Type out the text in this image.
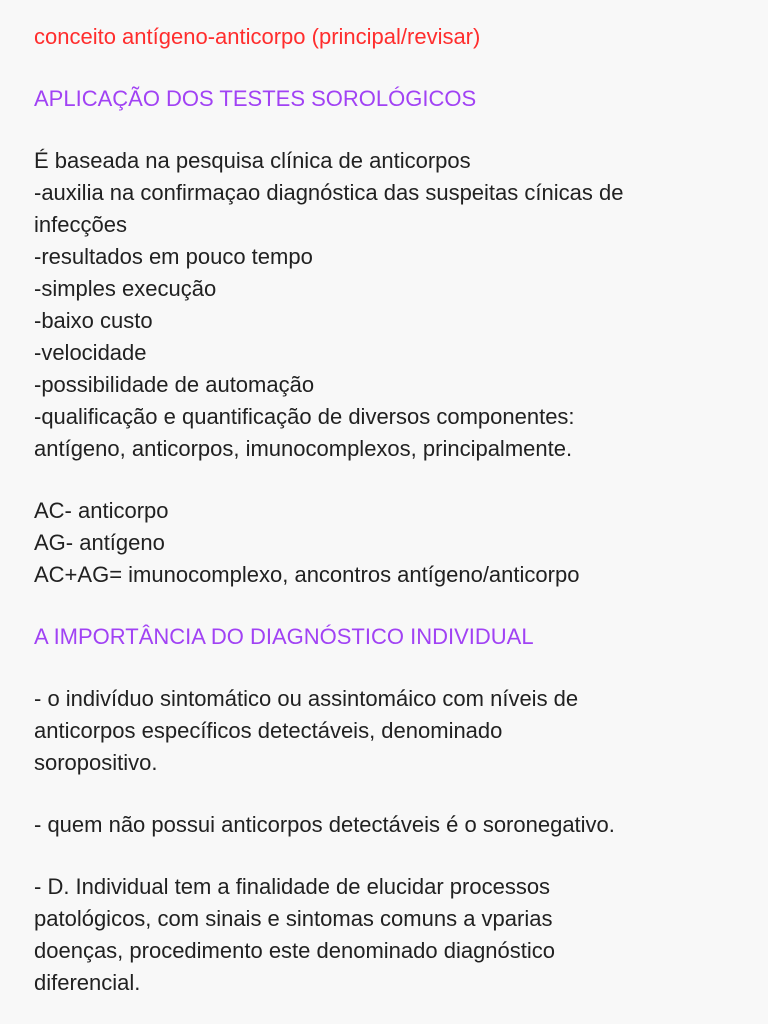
conceito antígeno-anticorpo (principal/revisar)
APLICAÇÃO DOS TESTES SOROLÓGICOS
É baseada na pesquisa clínica de anticorpos
-auxilia na confirmaçao diagnóstica das suspeitas cínicas de
infecções
-resultados em pouco tempo
-simples execução
-baixo custo
-velocidade
-possibilidade de automação
-qualificação e quantificação de diversos componentes:
antígeno, anticorpos, imunocomplexos, principalmente.
AC- anticorpo
AG- antígeno
AC+AG= imunocomplexo, ancontros antígeno/anticorpo
A IMPORTÂNCIA DO DIAGNÓSTICO INDIVIDUAL
- o indivíduo sintomático ou assintomáico com níveis de
anticorpos específicos detectáveis, denominado
soropositivo.
- quem não possui anticorpos detectáveis é o soronegativo.
- D. Individual tem a finalidade de elucidar processos
patológicos, com sinais e sintomas comuns a vparias
doenças, procedimento este denominado diagnóstico
diferencial.
